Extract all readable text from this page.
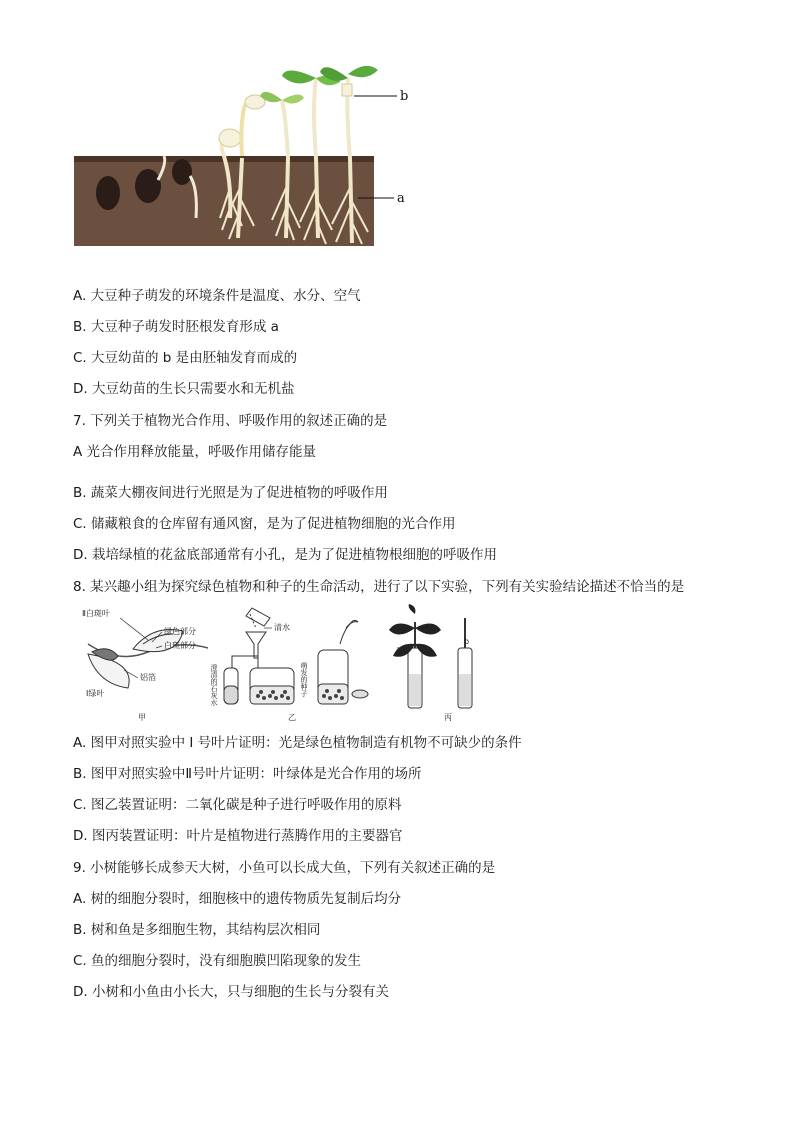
b
a
A. 大豆种子萌发的环境条件是温度、水分、空气
B. 大豆种子萌发时胚根发育形成 a
C. 大豆幼苗的 b 是由胚轴发育而成的
D. 大豆幼苗的生长只需要水和无机盐
7. 下列关于植物光合作用、呼吸作用的叙述正确的是
A 光合作用释放能量，呼吸作用储存能量
B. 蔬菜大棚夜间进行光照是为了促进植物的呼吸作用
C. 储藏粮食的仓库留有通风窗，是为了促进植物细胞的光合作用
D. 栽培绿植的花盆底部通常有小孔，是为了促进植物根细胞的呼吸作用
8. 某兴趣小组为探究绿色植物和种子的生命活动，进行了以下实验，下列有关实验结论描述不恰当的是
Ⅱ白斑叶
绿色部分
白斑部分
铝箔
Ⅰ绿叶
甲
清水
澄清的石灰水	萌发的种子
乙
a
b
丙
A. 图甲对照实验中 I 号叶片证明：光是绿色植物制造有机物不可缺少的条件
B. 图甲对照实验中Ⅱ号叶片证明：叶绿体是光合作用的场所
C. 图乙装置证明：二氧化碳是种子进行呼吸作用的原料
D. 图丙装置证明：叶片是植物进行蒸腾作用的主要器官
9. 小树能够长成参天大树，小鱼可以长成大鱼，下列有关叙述正确的是
A. 树的细胞分裂时，细胞核中的遗传物质先复制后均分
B. 树和鱼是多细胞生物，其结构层次相同
C. 鱼的细胞分裂时，没有细胞膜凹陷现象的发生
D. 小树和小鱼由小长大，只与细胞的生长与分裂有关
